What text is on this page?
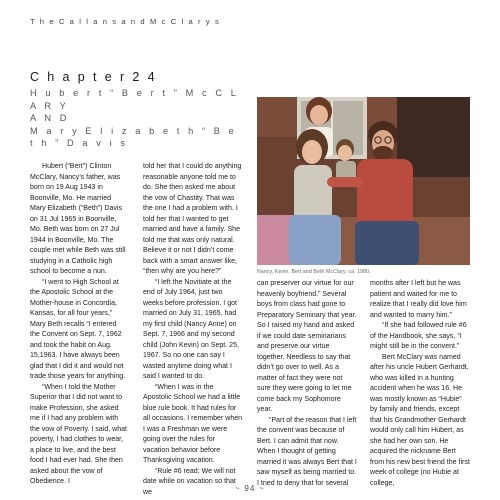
T h e C a l l a n s a n d M c C l a r y s
C h a p t e r 2 4
H u b e r t “ B e r t ” M c C L A R Y
A N D
M a r y E l i z a b e t h “ B e t h ” D a v i s
Nancy, Kevin, Bert and Beth McClary, ca. 1980.

Hubert (“Bert”) Clinton McClary, Nancy’s father, was born on 19 Aug 1943 in Boonville, Mo. He married Mary Elizabeth (“Beth”) Davis on 31 Jul 1965 in Boonville, Mo. Beth was born on 27 Jul 1944 in Boonville, Mo. The couple met while Beth was still studying in a Catholic high school to become a nun.

“I went to High School at the Apostolic School at the Mother-house in Concordia, Kansas, for all four years,” Mary Beth recalls “I entered the Convent on Sept. 7, 1962 and took the habit on Aug. 15,1963. I have always been glad that I did it and would not trade those years for anything.

“When I told the Mother Superior that I did not want to make Profession, she asked me if I had any problem with the vow of Poverty. I said, what poverty, I had clothes to wear, a place to live, and the best food I had ever had. She then asked about the vow of Obedience. I

told her that I could do anything reasonable anyone told me to do. She then asked me about the vow of Chastity. That was the one I had a problem with. I told her that I wanted to get married and have a family. She told me that was only natural. Believe it or not I didn’t come back with a smart answer like, “then why are you here?”

“I left the Novitiate at the end of July 1964, just two weeks before profession. I got married on July 31, 1965, had my first child (Nancy Anne) on Sept. 7, 1966 and my second child (John Kevin) on Sept. 25, 1967. So no one can say I wasted anytime doing what I said I wanted to do.

“When I was in the Apostolic School we had a little blue rule book. It had rules for all occasions. I remember when I was a Freshman we were going over the rules for vacation behavior before Thanksgiving vacation.

“Rule #6 read: We will not date while on vacation so that we

can preserver our virtue for our heavenly boyfriend.” Several boys from class had gone to Preparatory Seminary that year. So I raised my hand and asked if we could date seminarians and preserve our virtue together. Needless to say that didn’t go over to well. As a matter of fact they were not sure they were going to let me come back my Sophomore year.

“Part of the reason that I left the convent was because of Bert. I can admit that now. When I thought of getting married it was always Bert that I saw myself as being married to. I tried to deny that for several

months after I left but he was patient and waited for me to realize that I really did love him and wanted to marry him.”

“If she had followed rule #6 of the Handbook, she says, “I might still be in the convent.”

Bert McClary was named after his uncle Hubert Gerhardt, who was killed in a hunting accident when he was 16. He was mostly known as “Hubie” by family and friends, except that his Grandmother Gerhardt would only call him Hubert, as she had her own son. He acquired the nickname Bert from his new best friend the first week of college (no Hubie at college,

~ 94 ~
